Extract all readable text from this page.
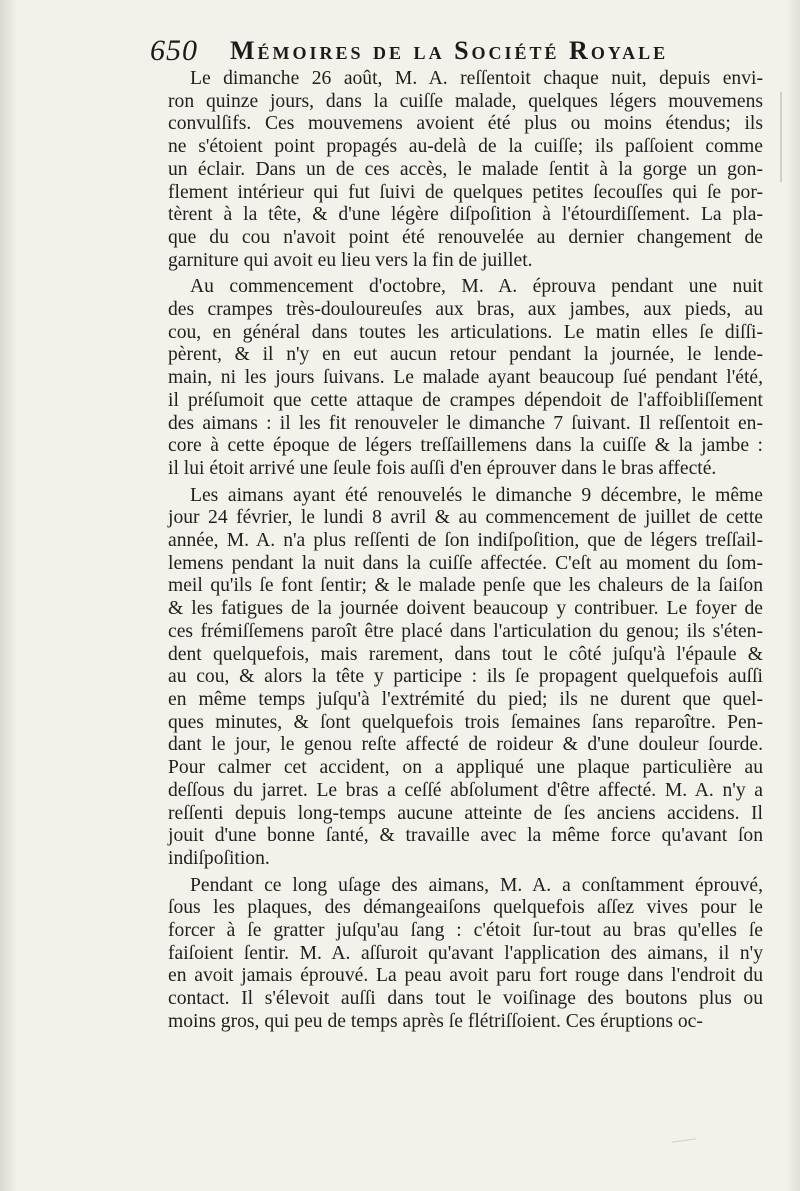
650 Mémoires de la Société Royale
Le dimanche 26 août, M. A. reſſentoit chaque nuit, depuis envi-
ron quinze jours, dans la cuiſſe malade, quelques légers mouvemens
convulſifs. Ces mouvemens avoient été plus ou moins étendus; ils
ne s'étoient point propagés au-delà de la cuiſſe; ils paſſoient comme
un éclair. Dans un de ces accès, le malade ſentit à la gorge un gon-
flement intérieur qui fut ſuivi de quelques petites ſecouſſes qui ſe por-
tèrent à la tête, & d'une légère diſpoſition à l'étourdiſſement. La pla-
que du cou n'avoit point été renouvelée au dernier changement de
garniture qui avoit eu lieu vers la fin de juillet.
Au commencement d'octobre, M. A. éprouva pendant une nuit
des crampes très-douloureuſes aux bras, aux jambes, aux pieds, au
cou, en général dans toutes les articulations. Le matin elles ſe diſſi-
pèrent, & il n'y en eut aucun retour pendant la journée, le lende-
main, ni les jours ſuivans. Le malade ayant beaucoup ſué pendant l'été,
il préſumoit que cette attaque de crampes dépendoit de l'affoibliſſement
des aimans : il les fit renouveler le dimanche 7 ſuivant. Il reſſentoit en-
core à cette époque de légers treſſaillemens dans la cuiſſe & la jambe :
il lui étoit arrivé une ſeule fois auſſi d'en éprouver dans le bras affecté.
Les aimans ayant été renouvelés le dimanche 9 décembre, le même
jour 24 février, le lundi 8 avril & au commencement de juillet de cette
année, M. A. n'a plus reſſenti de ſon indiſpoſition, que de légers treſſail-
lemens pendant la nuit dans la cuiſſe affectée. C'eſt au moment du ſom-
meil qu'ils ſe font ſentir; & le malade penſe que les chaleurs de la ſaiſon
& les fatigues de la journée doivent beaucoup y contribuer. Le foyer de
ces frémiſſemens paroît être placé dans l'articulation du genou; ils s'éten-
dent quelquefois, mais rarement, dans tout le côté juſqu'à l'épaule &
au cou, & alors la tête y participe : ils ſe propagent quelquefois auſſi
en même temps juſqu'à l'extrémité du pied; ils ne durent que quel-
ques minutes, & ſont quelquefois trois ſemaines ſans reparoître. Pen-
dant le jour, le genou reſte affecté de roideur & d'une douleur ſourde.
Pour calmer cet accident, on a appliqué une plaque particulière au
deſſous du jarret. Le bras a ceſſé abſolument d'être affecté. M. A. n'y a
reſſenti depuis long-temps aucune atteinte de ſes anciens accidens. Il
jouit d'une bonne ſanté, & travaille avec la même force qu'avant ſon
indiſpoſition.
Pendant ce long uſage des aimans, M. A. a conſtamment éprouvé,
ſous les plaques, des démangeaiſons quelquefois aſſez vives pour le
forcer à ſe gratter juſqu'au ſang : c'étoit ſur-tout au bras qu'elles ſe
faiſoient ſentir. M. A. aſſuroit qu'avant l'application des aimans, il n'y
en avoit jamais éprouvé. La peau avoit paru fort rouge dans l'endroit du
contact. Il s'élevoit auſſi dans tout le voiſinage des boutons plus ou
moins gros, qui peu de temps après ſe flétriſſoient. Ces éruptions oc-
